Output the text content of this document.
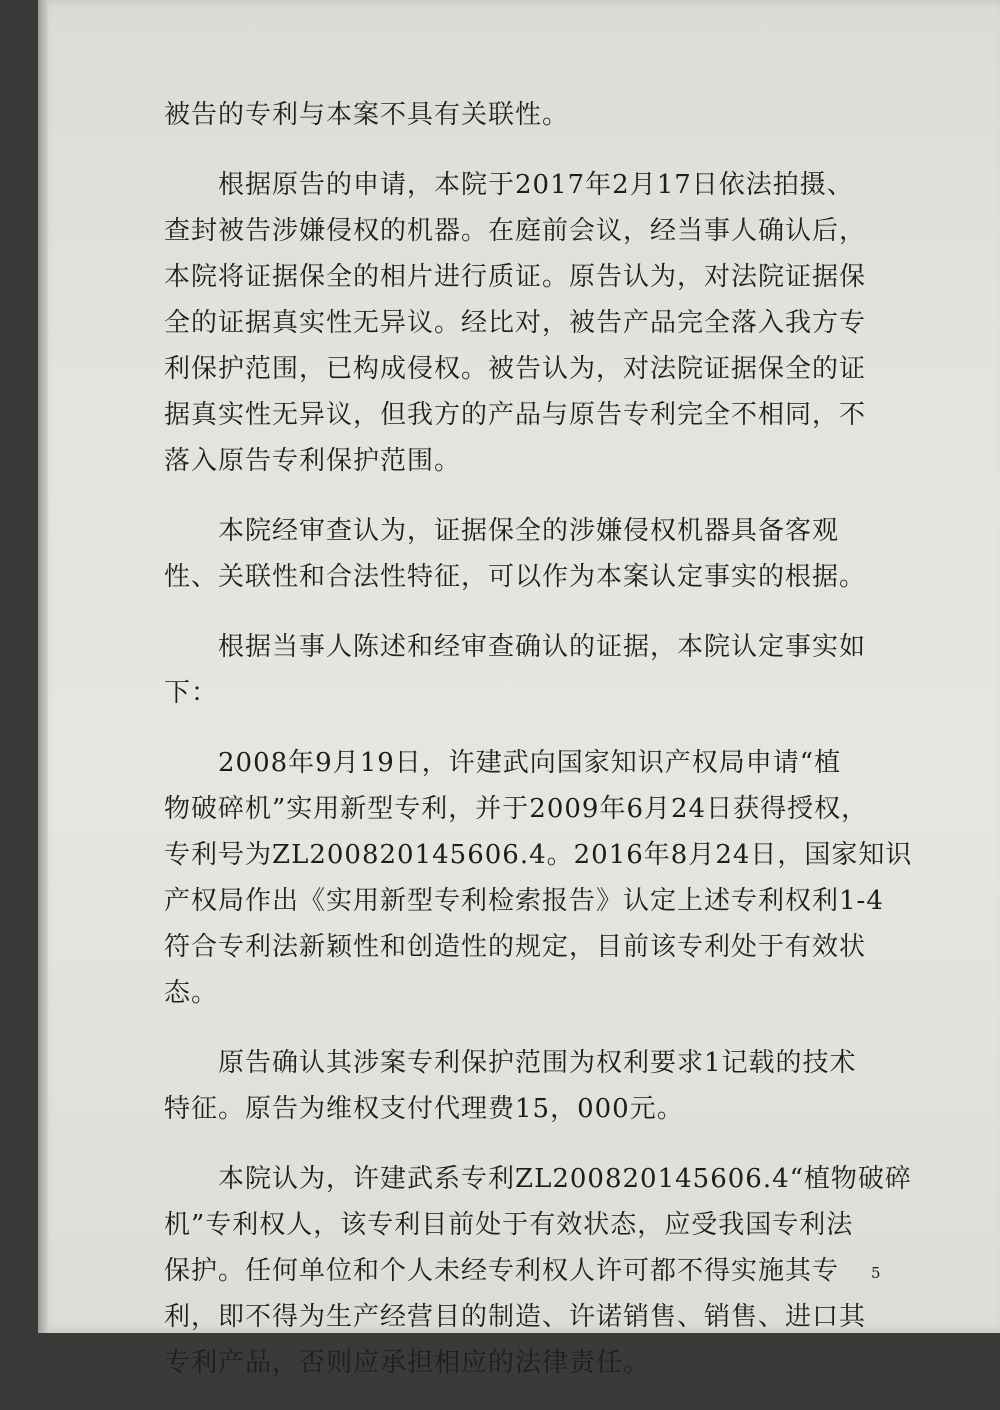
被告的专利与本案不具有关联性。
　　根据原告的申请，本院于2017年2月17日依法拍摄、
查封被告涉嫌侵权的机器。在庭前会议，经当事人确认后，
本院将证据保全的相片进行质证。原告认为，对法院证据保
全的证据真实性无异议。经比对，被告产品完全落入我方专
利保护范围，已构成侵权。被告认为，对法院证据保全的证
据真实性无异议，但我方的产品与原告专利完全不相同，不
落入原告专利保护范围。
　　本院经审查认为，证据保全的涉嫌侵权机器具备客观
性、关联性和合法性特征，可以作为本案认定事实的根据。
　　根据当事人陈述和经审查确认的证据，本院认定事实如
下：
　　2008年9月19日，许建武向国家知识产权局申请“植
物破碎机”实用新型专利，并于2009年6月24日获得授权，
专利号为ZL200820145606.4。2016年8月24日，国家知识
产权局作出《实用新型专利检索报告》认定上述专利权利1-4
符合专利法新颖性和创造性的规定，目前该专利处于有效状
态。
　　原告确认其涉案专利保护范围为权利要求1记载的技术
特征。原告为维权支付代理费15，000元。
　　本院认为，许建武系专利ZL200820145606.4“植物破碎
机”专利权人，该专利目前处于有效状态，应受我国专利法
保护。任何单位和个人未经专利权人许可都不得实施其专
利，即不得为生产经营目的制造、许诺销售、销售、进口其
专利产品，否则应承担相应的法律责任。
5
